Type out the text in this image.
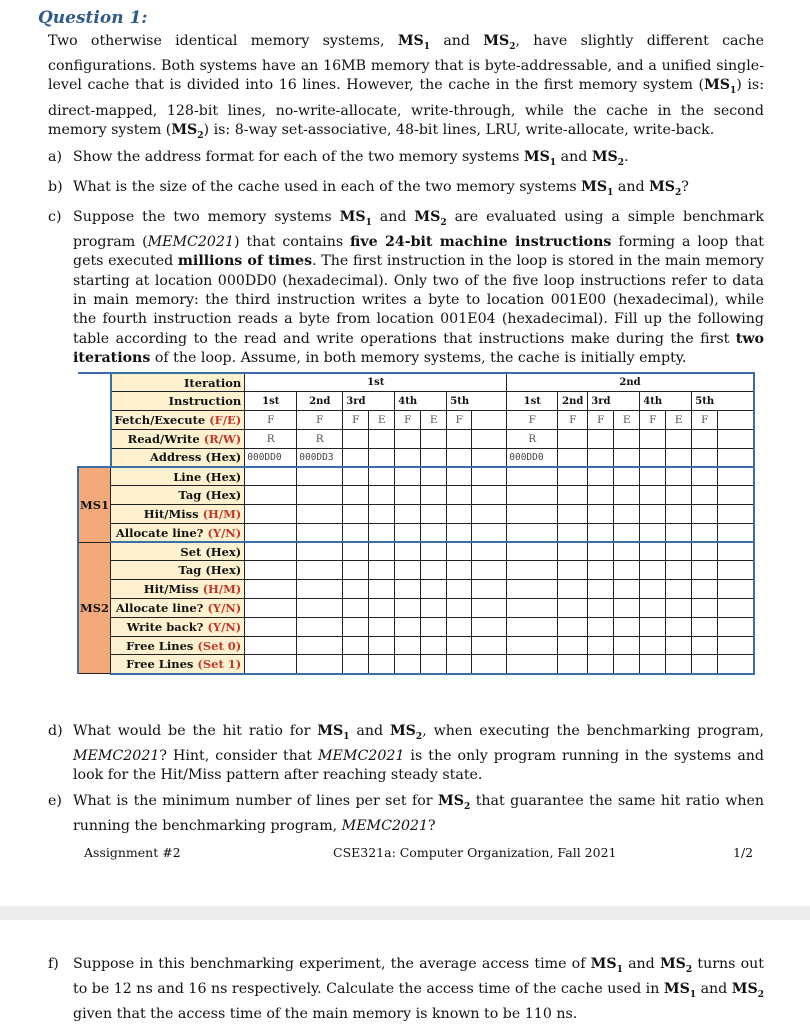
Question 1:
Two otherwise identical memory systems, $MS_1$ and $MS_2$, have slightly different cache configurations. Both systems have an 16MB memory that is byte-addressable, and a unified single-level cache that is divided into 16 lines. However, the cache in the first memory system $(MS_1)$ is: direct-mapped, 128-bit lines, no-write-allocate, write-through, while the cache in the second memory system $(MS_2)$ is: 8-way set-associative, 48-bit lines, LRU, write-allocate, write-back.
a) Show the address format for each of the two memory systems $MS_1$ and $MS_2$.
b) What is the size of the cache used in each of the two memory systems $MS_1$ and $MS_2$?
c) Suppose the two memory systems $MS_1$ and $MS_2$ are evaluated using a simple benchmark program (MEMC2021) that contains five 24-bit machine instructions forming a loop that gets executed millions of times. The first instruction in the loop is stored in the main memory starting at location 000DD0 (hexadecimal). Only two of the five loop instructions refer to data in main memory: the third instruction writes a byte to location 001E00 (hexadecimal), while the fourth instruction reads a byte from location 001E04 (hexadecimal). Fill up the following table according to the read and write operations that instructions make during the first two iterations of the loop. Assume, in both memory systems, the cache is initially empty.
	Iteration	1st								2nd							
	Instruction	1st	2nd	3rd		4th		5th		1st	2nd	3rd		4th		5th	
	Fetch/Execute (F/E)	F	F	F	E	F	E	F		F	F	F	E	F	E	F	
	Read/Write (R/W)	R	R							R							
	Address (Hex)	000DD0	000DD3							000DD0							
MS1	Line (Hex)																
	Tag (Hex)																
	Hit/Miss (H/M)																
	Allocate line? (Y/N)																
MS2	Set (Hex)																
	Tag (Hex)																
	Hit/Miss (H/M)																
	Allocate line? (Y/N)																
	Write back? (Y/N)																
	Free Lines (Set 0)																
	Free Lines (Set 1)																
d) What would be the hit ratio for $MS_1$ and $MS_2$, when executing the benchmarking program, MEMC2021? Hint, consider that MEMC2021 is the only program running in the systems and look for the Hit/Miss pattern after reaching steady state.
e) What is the minimum number of lines per set for $MS_2$ that guarantee the same hit ratio when running the benchmarking program, MEMC2021?
Assignment #2	CSE321a: Computer Organization, Fall 2021	1/2
f) Suppose in this benchmarking experiment, the average access time of $MS_1$ and $MS_2$ turns out to be 12 ns and 16 ns respectively. Calculate the access time of the cache used in $MS_1$ and $MS_2$ given that the access time of the main memory is known to be 110 ns.
